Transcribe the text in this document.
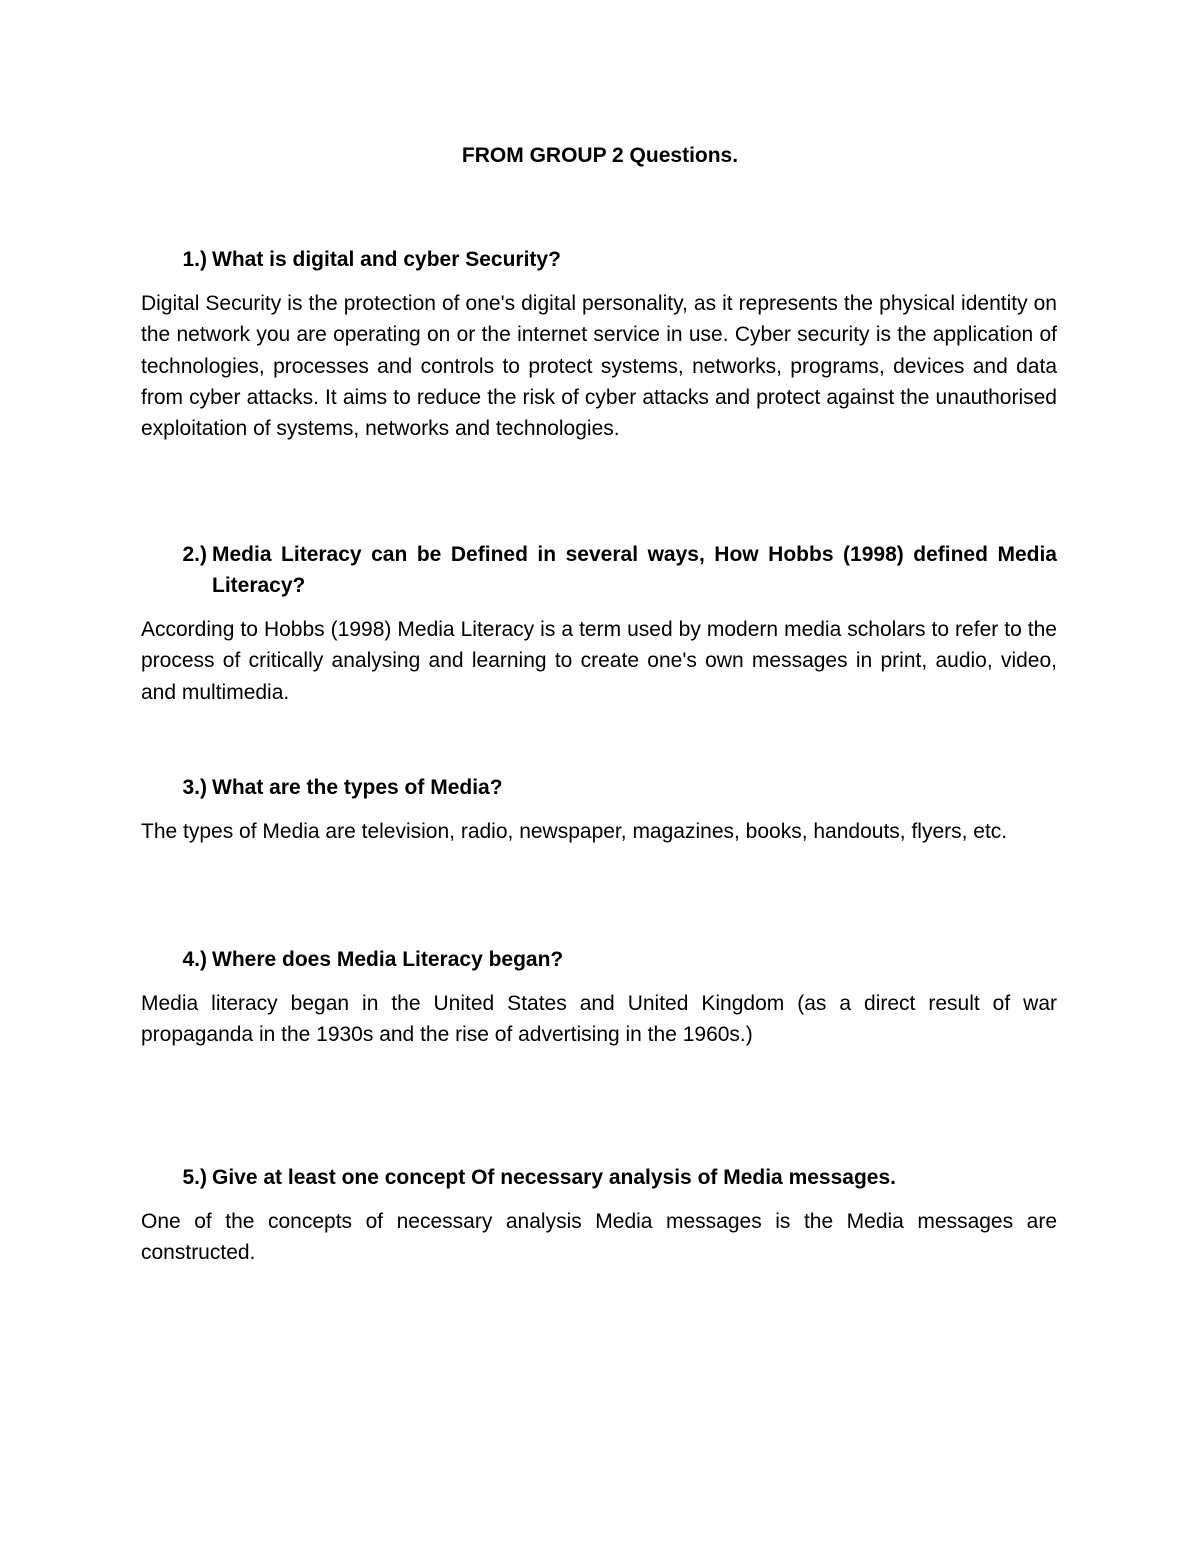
FROM GROUP 2 Questions.

1.) What is digital and cyber Security?

Digital Security is the protection of one's digital personality, as it represents the physical identity on the network you are operating on or the internet service in use. Cyber security is the application of technologies, processes and controls to protect systems, networks, programs, devices and data from cyber attacks. It aims to reduce the risk of cyber attacks and protect against the unauthorised exploitation of systems, networks and technologies.

2.) Media Literacy can be Defined in several ways, How Hobbs (1998) defined Media Literacy?

According to Hobbs (1998) Media Literacy is a term used by modern media scholars to refer to the process of critically analysing and learning to create one's own messages in print, audio, video, and multimedia.

3.) What are the types of Media?

The types of Media are television, radio, newspaper, magazines, books, handouts, flyers, etc.

4.) Where does Media Literacy began?

Media literacy began in the United States and United Kingdom (as a direct result of war propaganda in the 1930s and the rise of advertising in the 1960s.)

5.) Give at least one concept Of necessary analysis of Media messages.

One of the concepts of necessary analysis Media messages is the Media messages are constructed.
